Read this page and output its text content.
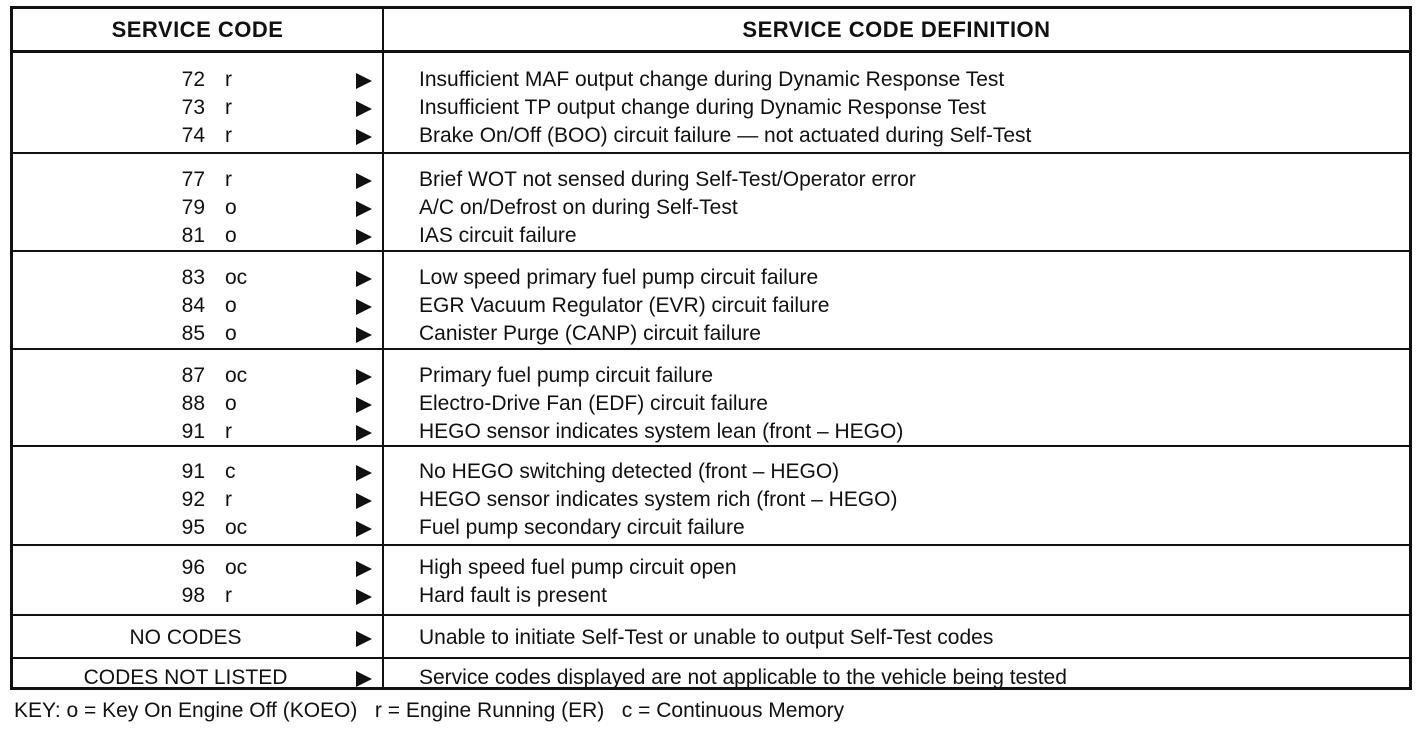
SERVICE CODE	SERVICE CODE DEFINITION
72 r	Insufficient MAF output change during Dynamic Response Test
73 r	Insufficient TP output change during Dynamic Response Test
74 r	Brake On/Off (BOO) circuit failure — not actuated during Self-Test
77 r	Brief WOT not sensed during Self-Test/Operator error
79 o	A/C on/Defrost on during Self-Test
81 o	IAS circuit failure
83 oc	Low speed primary fuel pump circuit failure
84 o	EGR Vacuum Regulator (EVR) circuit failure
85 o	Canister Purge (CANP) circuit failure
87 oc	Primary fuel pump circuit failure
88 o	Electro-Drive Fan (EDF) circuit failure
91 r	HEGO sensor indicates system lean (front – HEGO)
91 c	No HEGO switching detected (front – HEGO)
92 r	HEGO sensor indicates system rich (front – HEGO)
95 oc	Fuel pump secondary circuit failure
96 oc	High speed fuel pump circuit open
98 r	Hard fault is present
NO CODES	Unable to initiate Self-Test or unable to output Self-Test codes
CODES NOT LISTED	Service codes displayed are not applicable to the vehicle being tested
KEY: o = Key On Engine Off (KOEO) r = Engine Running (ER) c = Continuous Memory
